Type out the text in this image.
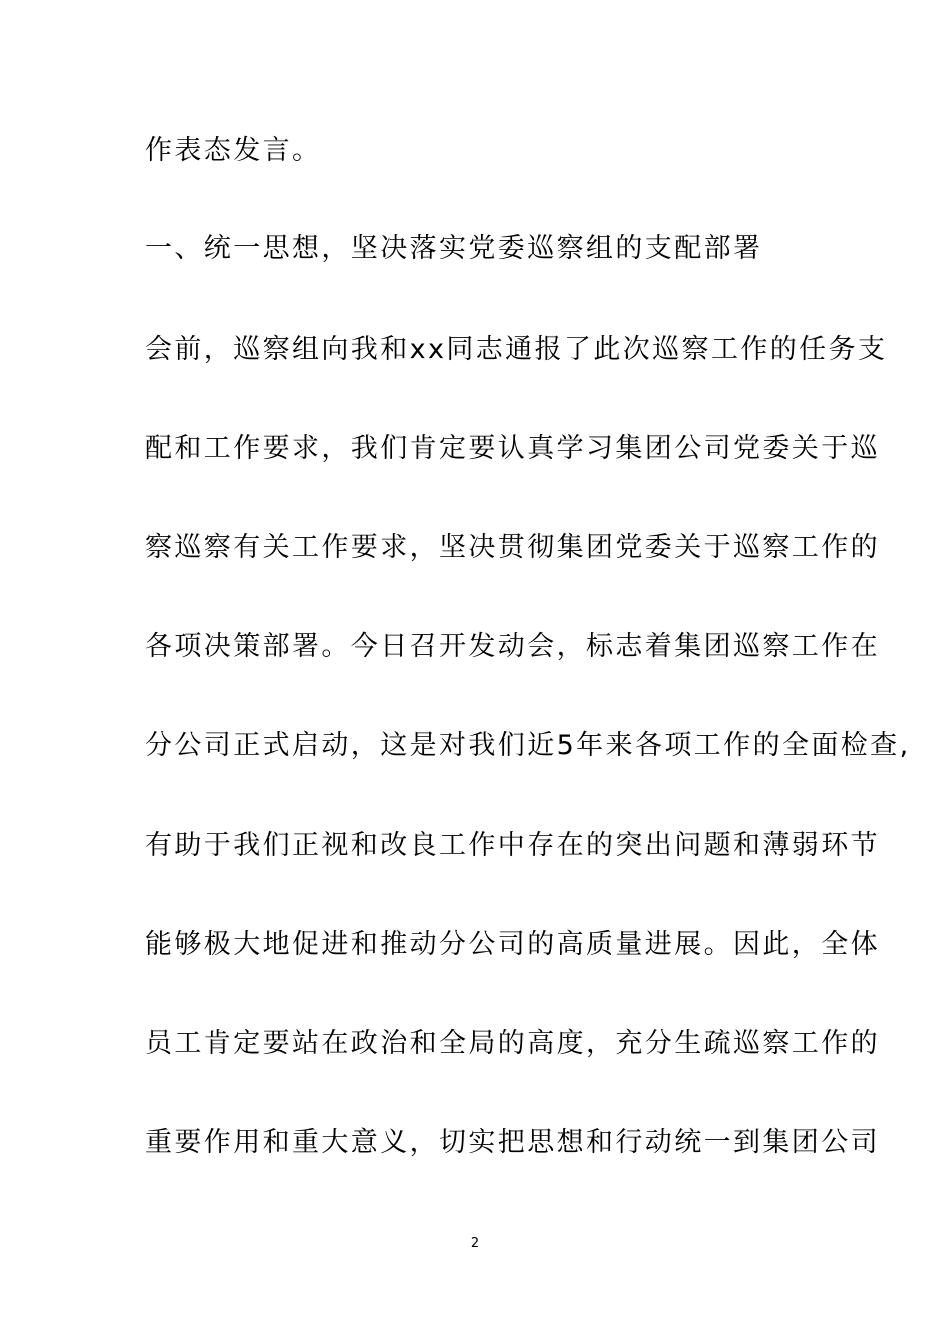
作表态发言。
一、统一思想，坚决落实党委巡察组的支配部署
会前，巡察组向我和xx同志通报了此次巡察工作的任务支
配和工作要求，我们肯定要认真学习集团公司党委关于巡
察巡察有关工作要求，坚决贯彻集团党委关于巡察工作的
各项决策部署。今日召开发动会，标志着集团巡察工作在
分公司正式启动，这是对我们近5年来各项工作的全面检查,
有助于我们正视和改良工作中存在的突出问题和薄弱环节
能够极大地促进和推动分公司的高质量进展。因此，全体
员工肯定要站在政治和全局的高度，充分生疏巡察工作的
重要作用和重大意义，切实把思想和行动统一到集团公司
2
